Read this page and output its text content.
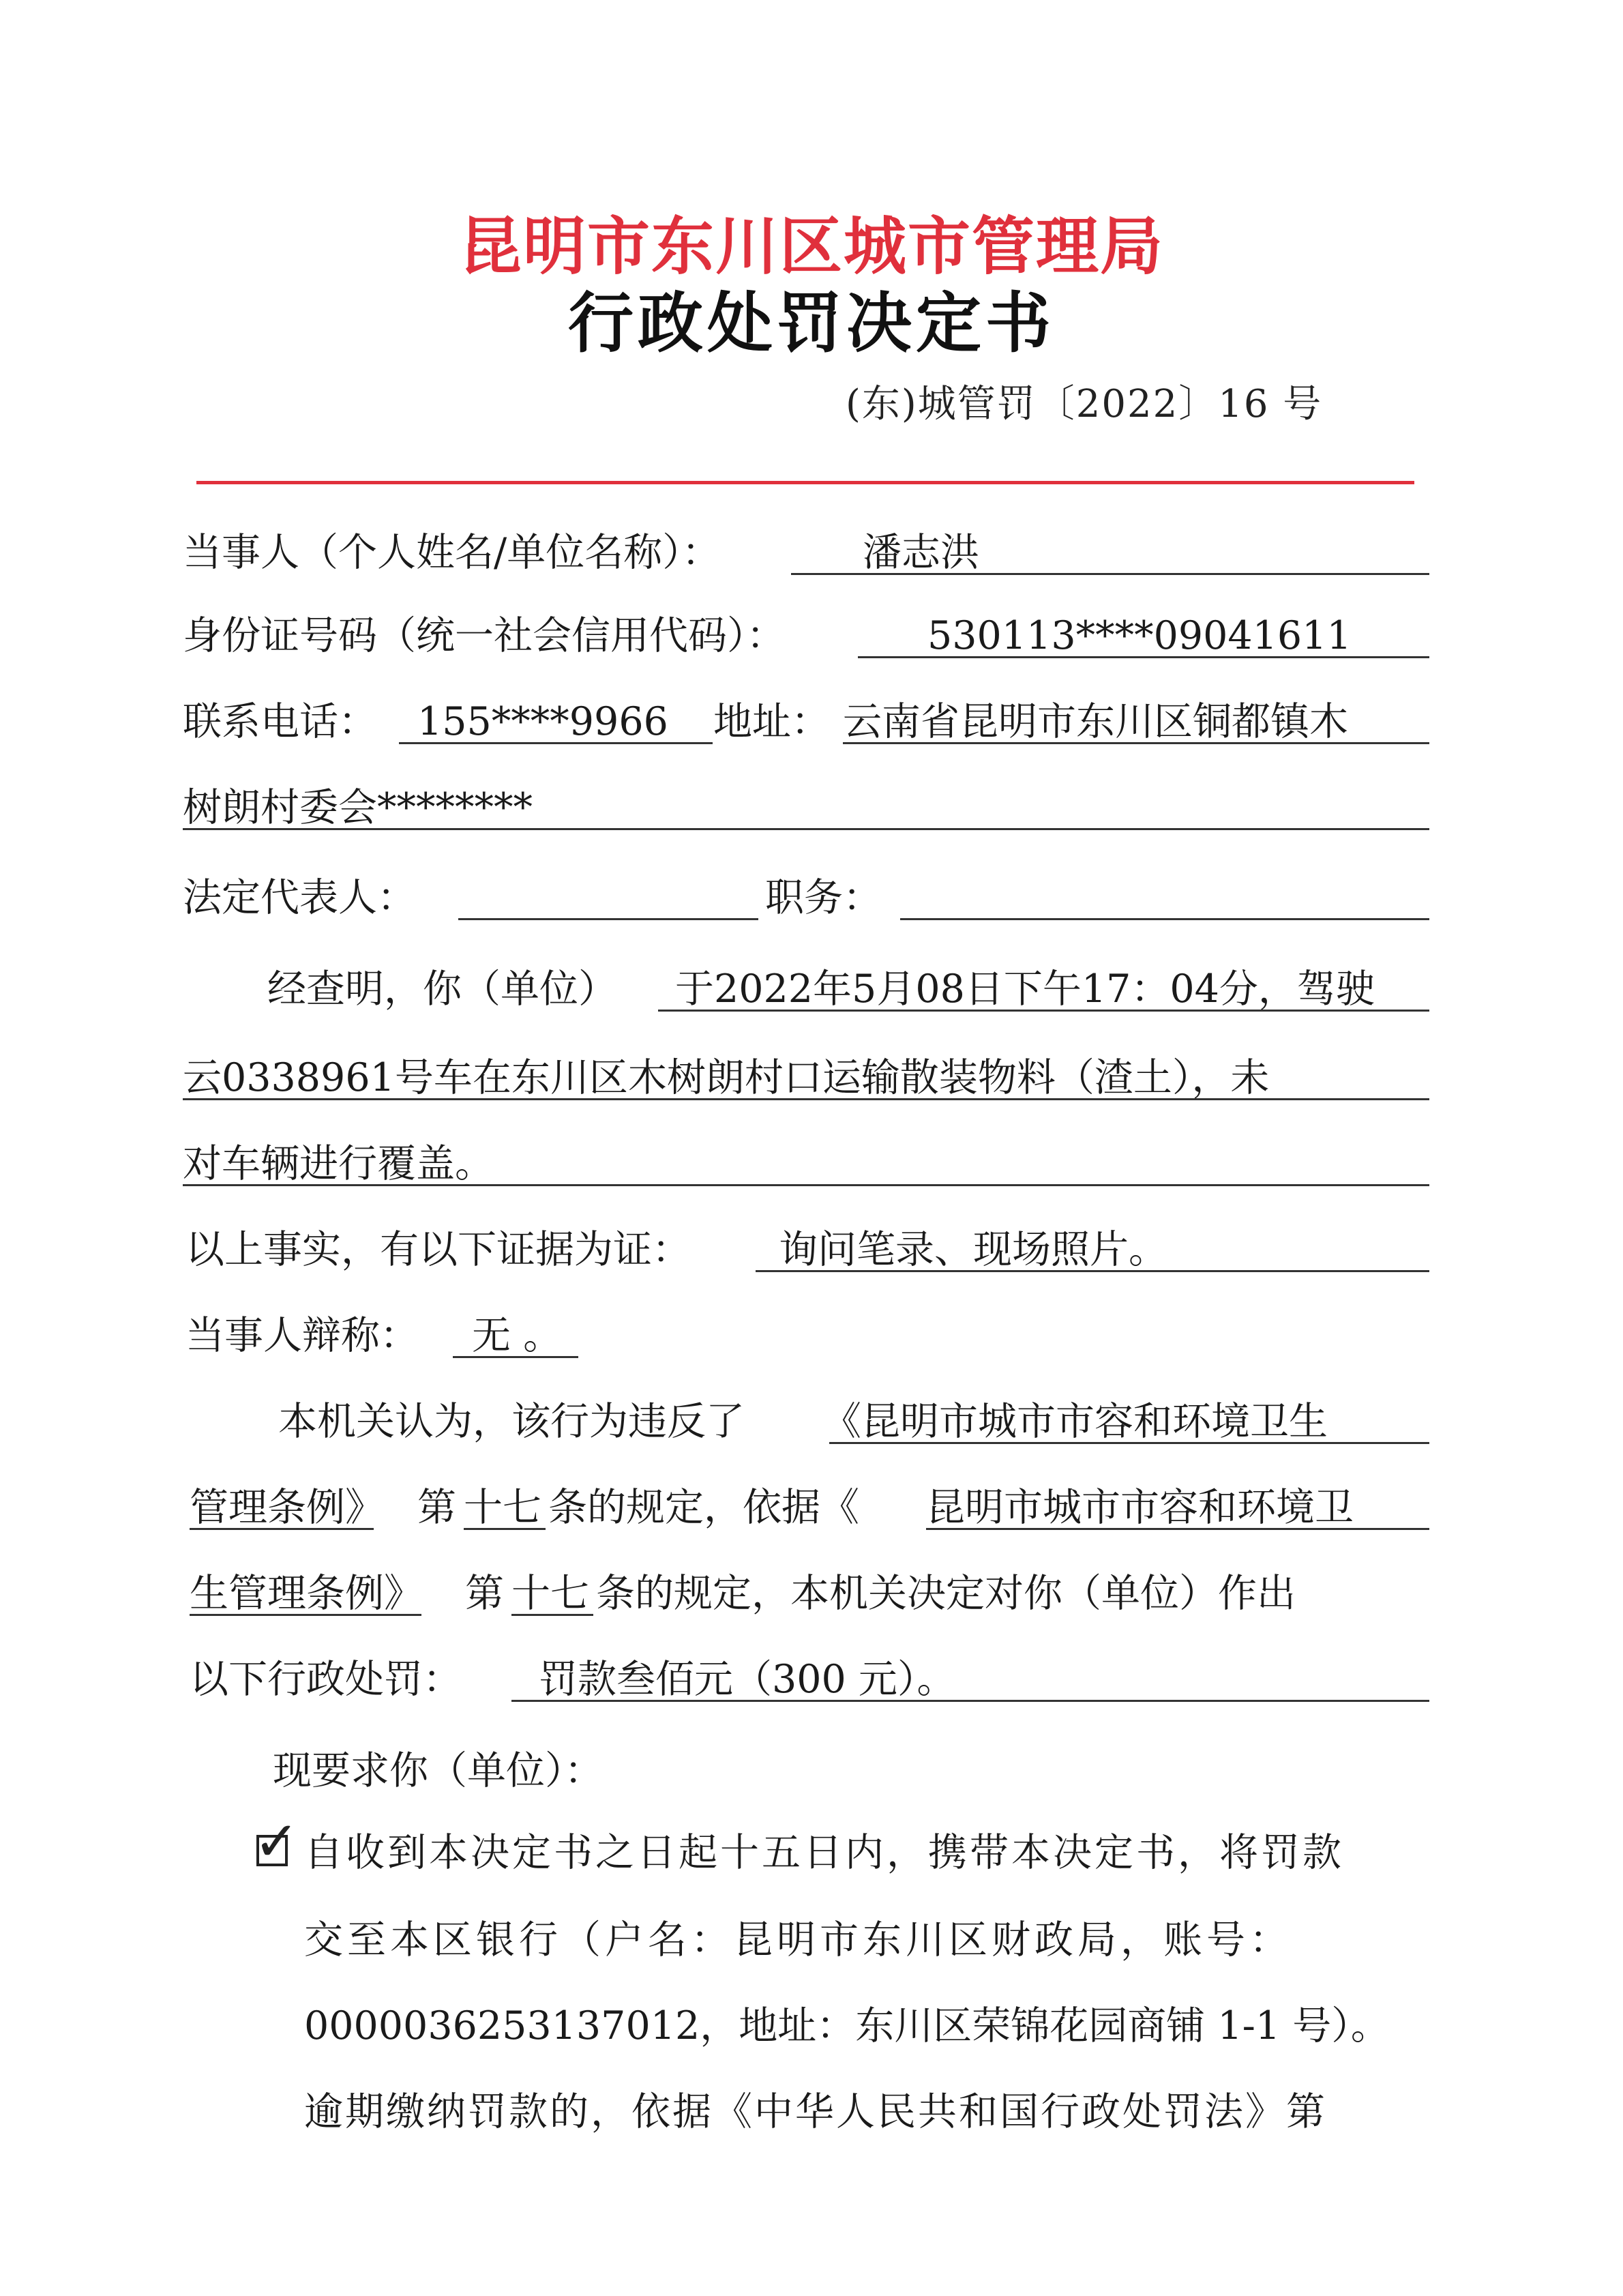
昆明市东川区城市管理局
行政处罚决定书
(东)城管罚〔2022〕16 号
当事人（个人姓名/单位名称）：	潘志洪
身份证号码（统一社会信用代码）：	530113****09041611
联系电话： 155****9966 地址： 云南省昆明市东川区铜都镇木
树朗村委会********
法定代表人：	职务：
经查明，你（单位） 于2022年5月08日下午17：04分，驾驶
云0338961号车在东川区木树朗村口运输散装物料（渣土），未
对车辆进行覆盖。
以上事实，有以下证据为证： 询问笔录、现场照片。
当事人辩称： 无 。
本机关认为，该行为违反了 《昆明市城市市容和环境卫生
管理条例》 第 十七 条的规定，依据《 昆明市城市市容和环境卫
生管理条例》 第 十七 条的规定，本机关决定对你（单位）作出
以下行政处罚： 罚款叁佰元（300 元）。
现要求你（单位）：
✓ 自收到本决定书之日起十五日内，携带本决定书，将罚款
交至本区银行（户名：昆明市东川区财政局，账号：
0000036253137012，地址：东川区荣锦花园商铺 1-1 号）。
逾期缴纳罚款的，依据《中华人民共和国行政处罚法》第
